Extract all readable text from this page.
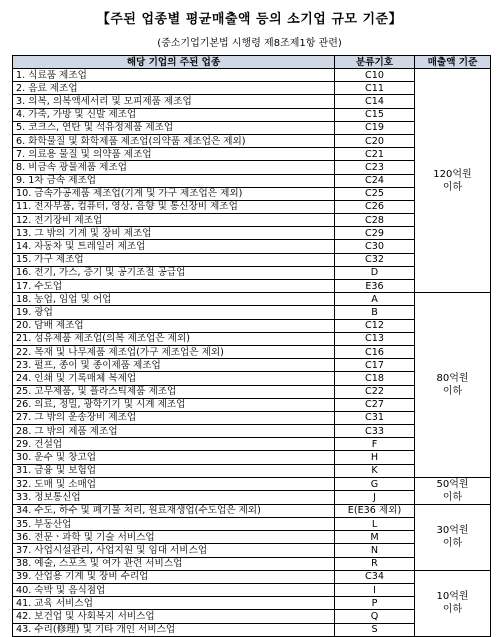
【주된 업종별 평균매출액 등의 소기업 규모 기준】
(중소기업기본법 시행령 제8조제1항 관련)
해당 기업의 주된 업종	분류기호	매출액 기준
1. 식료품 제조업	C10	120억원
이하

2. 음료 제조업	C11	
3. 의복, 의복액세서리 및 모피제품 제조업	C14	
4. 가죽, 가방 및 신발 제조업	C15	
5. 코크스, 연탄 및 석유정제품 제조업	C19	
6. 화학물질 및 화학제품 제조업(의약품 제조업은 제외)	C20	
7. 의료용 물질 및 의약품 제조업	C21	
8. 비금속 광물제품 제조업	C23	
9. 1차 금속 제조업	C24	
10. 금속가공제품 제조업(기계 및 가구 제조업은 제외)	C25	
11. 전자부품, 컴퓨터, 영상, 음향 및 통신장비 제조업	C26	
12. 전기장비 제조업	C28	
13. 그 밖의 기계 및 장비 제조업	C29	
14. 자동차 및 트레일러 제조업	C30	
15. 가구 제조업	C32	
16. 전기, 가스, 증기 및 공기조절 공급업	D	
17. 수도업	E36	
18. 농업, 임업 및 어업	A	80억원
이하

19. 광업	B	
20. 담배 제조업	C12	
21. 섬유제품 제조업(의복 제조업은 제외)	C13	
22. 목재 및 나무제품 제조업(가구 제조업은 제외)	C16	
23. 펄프, 종이 및 종이제품 제조업	C17	
24. 인쇄 및 기록매체 복제업	C18	
25. 고무제품, 및 플라스틱제품 제조업	C22	
26. 의료, 정밀, 광학기기 및 시계 제조업	C27	
27. 그 밖의 운송장비 제조업	C31	
28. 그 밖의 제품 제조업	C33	
29. 건설업	F	
30. 운수 및 창고업	H	
31. 금융 및 보험업	K	
32. 도매 및 소매업	G	50억원
이하

33. 정보통신업	J	
34. 수도, 하수 및 폐기물 처리, 원료재생업(수도업은 제외)	E(E36 제외)	30억원
이하

35. 부동산업	L	
36. 전문ㆍ과학 및 기술 서비스업	M	
37. 사업시설관리, 사업지원 및 임대 서비스업	N	
38. 예술, 스포츠 및 여가 관련 서비스업	R	
39. 산업용 기계 및 장비 수리업	C34	10억원
이하

40. 숙박 및 음식점업	I	
41. 교육 서비스업	P	
42. 보건업 및 사회복지 서비스업	Q	
43. 수리(修理) 및 기타 개인 서비스업	S	
